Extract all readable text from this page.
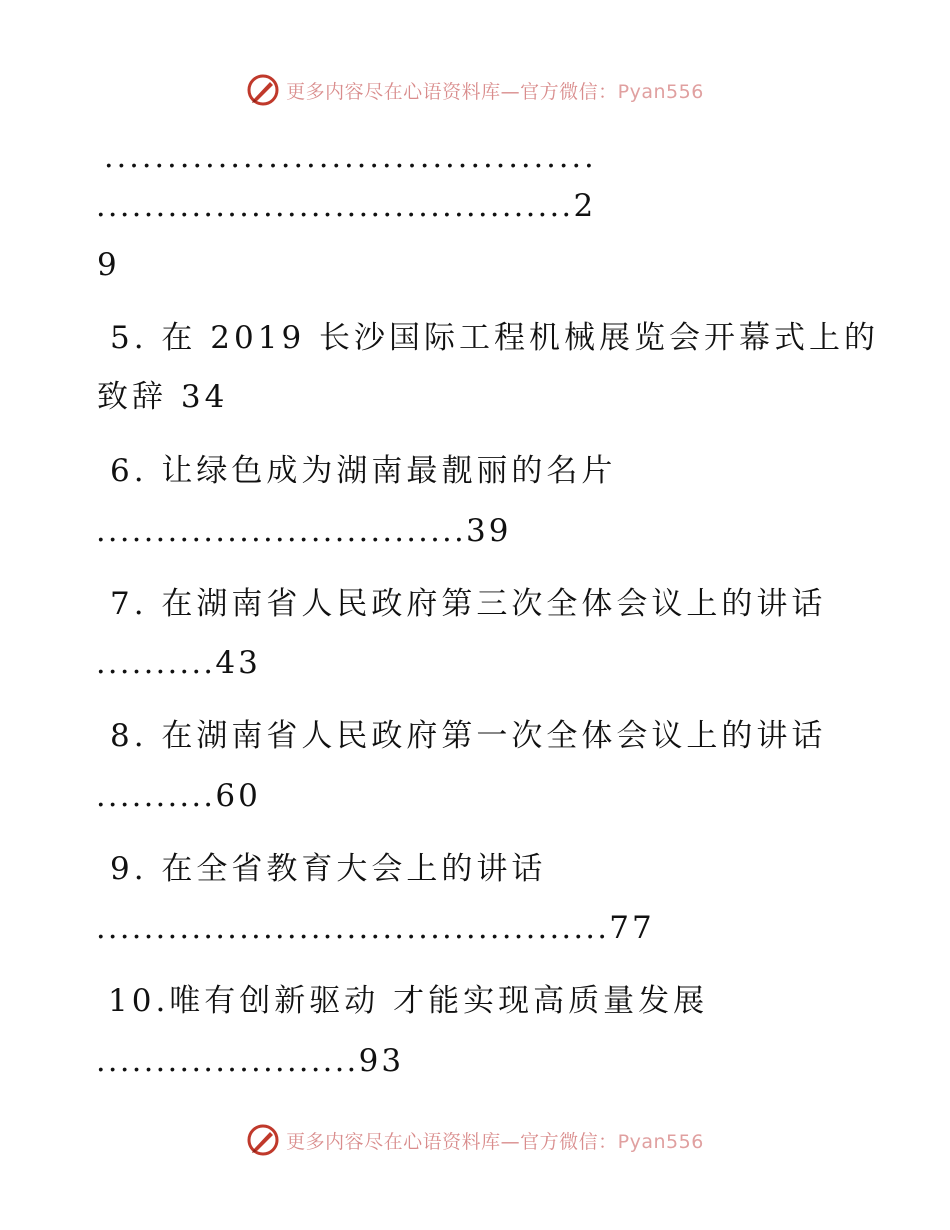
更多内容尽在心语资料库—官方微信：Pyan556
.......................................
........................................2
9
5. 在 2019 长沙国际工程机械展览会开幕式上的
致辞 34
6. 让绿色成为湖南最靓丽的名片
...............................39
7. 在湖南省人民政府第三次全体会议上的讲话
..........43
8. 在湖南省人民政府第一次全体会议上的讲话
..........60
9. 在全省教育大会上的讲话
...........................................77
10.唯有创新驱动 才能实现高质量发展
......................93
更多内容尽在心语资料库—官方微信：Pyan556
